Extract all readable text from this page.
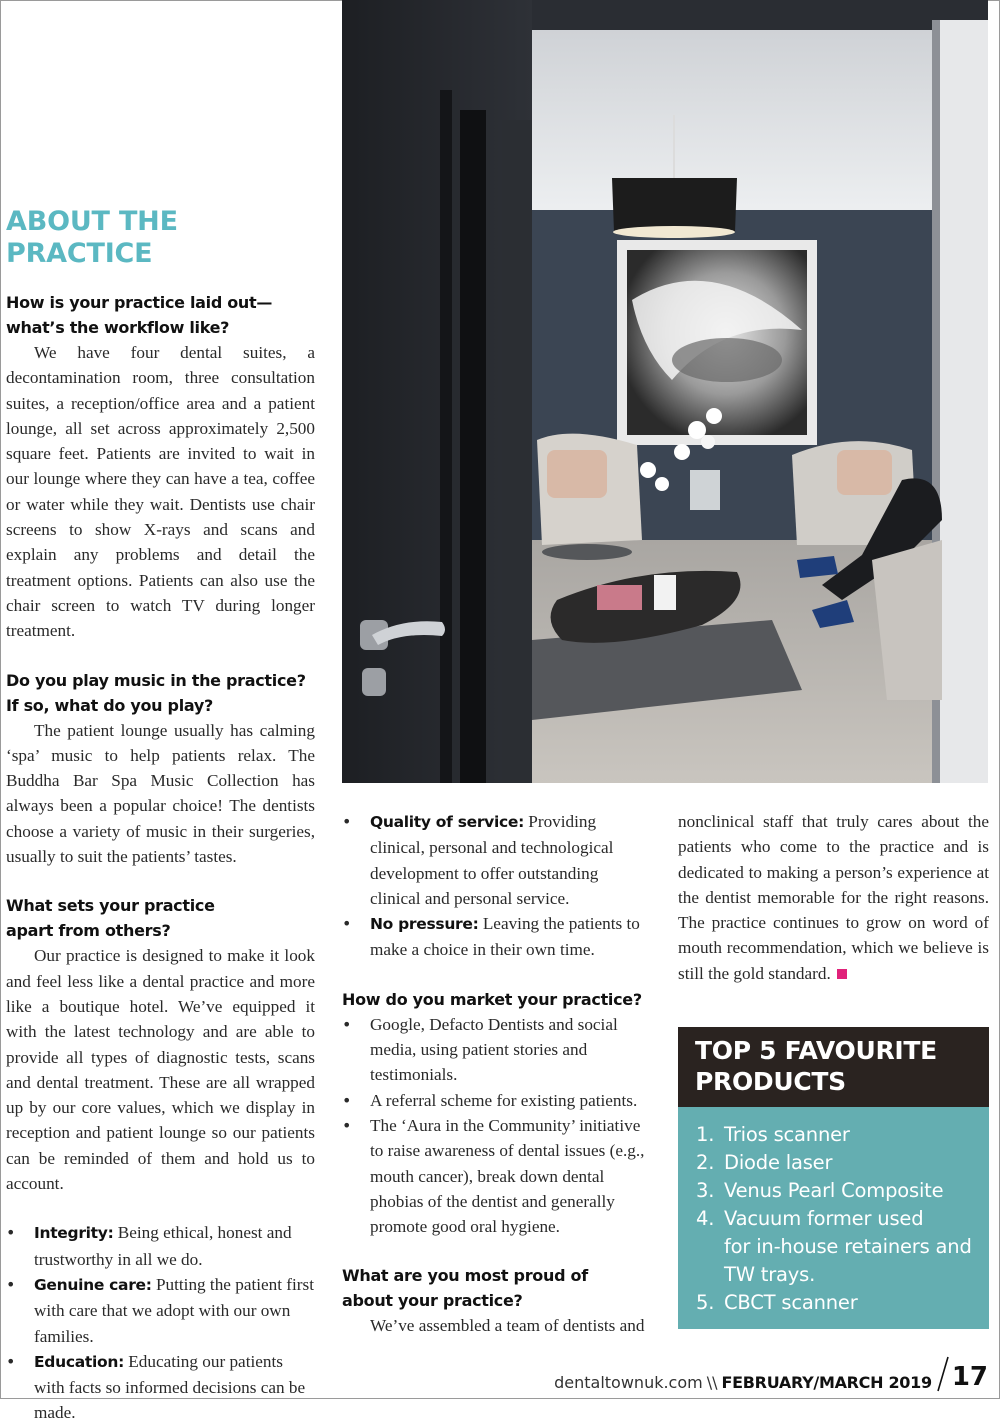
ABOUT THE PRACTICE
How is your practice laid out—
what’s the workflow like?

We have four dental suites, a decontamination room, three consultation suites, a reception/office area and a patient lounge, all set across approximately 2,500 square feet. Patients are invited to wait in our lounge where they can have a tea, coffee or water while they wait. Dentists use chair screens to show X-rays and scans and explain any problems and detail the treatment options. Patients can also use the chair screen to watch TV during longer treatment.

Do you play music in the practice?
If so, what do you play?

The patient lounge usually has calming ‘spa’ music to help patients relax. The Buddha Bar Spa Music Collection has always been a popular choice! The dentists choose a variety of music in their surgeries, usually to suit the patients’ tastes.

What sets your practice
apart from others?

Our practice is designed to make it look and feel less like a dental practice and more like a boutique hotel. We’ve equipped it with the latest technology and are able to provide all types of diagnostic tests, scans and dental treatment. These are all wrapped up by our core values, which we display in reception and patient lounge so our patients can be reminded of them and hold us to account.

• Integrity: Being ethical, honest and trustworthy in all we do.
• Genuine care: Putting the patient first with care that we adopt with our own families.
• Education: Educating our patients with facts so informed decisions can be made.
• Quality of service: Providing clinical, personal and technological development to offer outstanding clinical and personal service.
• No pressure: Leaving the patients to make a choice in their own time.
How do you market your practice?
• Google, Defacto Dentists and social media, using patient stories and testimonials.
• A referral scheme for existing patients.
• The ‘Aura in the Community’ initiative to raise awareness of dental issues (e.g., mouth cancer), break down dental phobias of the dentist and generally promote good oral hygiene.
What are you most proud of
about your practice?

We’ve assembled a team of dentists and

nonclinical staff that truly cares about the patients who come to the practice and is dedicated to making a person’s experience at the dentist memorable for the right reasons. The practice continues to grow on word of mouth recommendation, which we believe is still the gold standard.

TOP 5 FAVOURITE
PRODUCTS
1. Trios scanner
2. Diode laser
3. Venus Pearl Composite
4. Vacuum former used
for in-house retainers and
TW trays.
5. CBCT scanner
dentaltownuk.com \\ FEBRUARY/MARCH 2019 17
